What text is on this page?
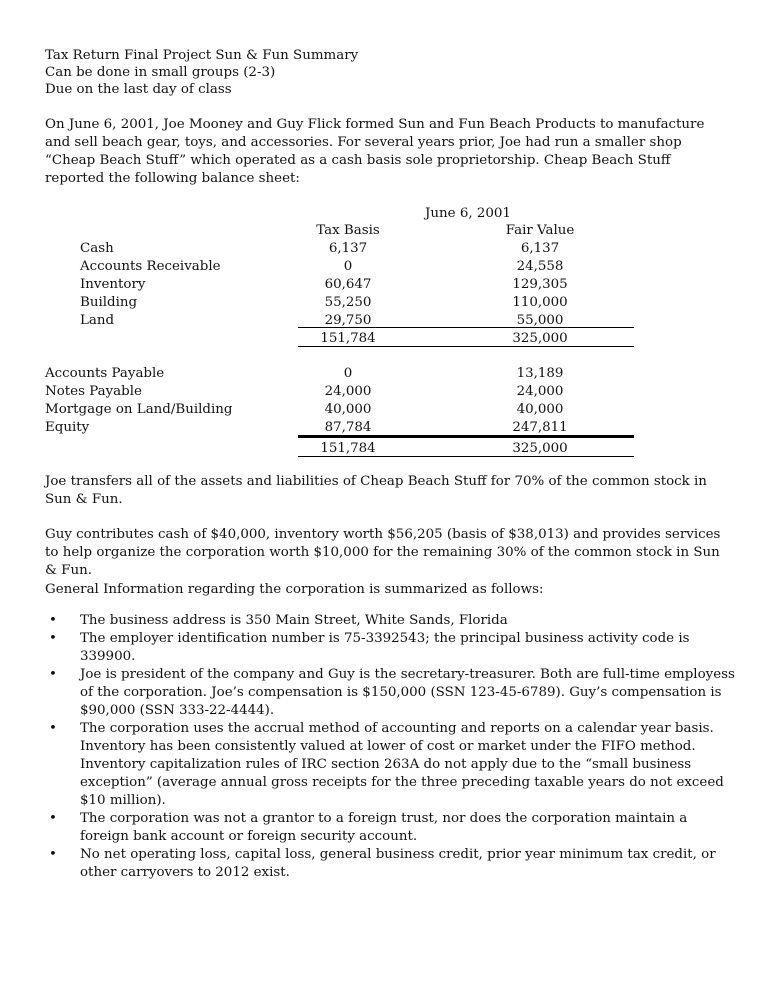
Tax Return Final Project Sun & Fun Summary
Can be done in small groups (2-3)
Due on the last day of class
On June 6, 2001, Joe Mooney and Guy Flick formed Sun and Fun Beach Products to manufacture and sell beach gear, toys, and accessories. For several years prior, Joe had run a smaller shop “Cheap Beach Stuff” which operated as a cash basis sole proprietorship. Cheap Beach Stuff reported the following balance sheet:
June 6, 2001
Tax Basis	Fair Value
Cash	6,137	6,137
Accounts Receivable	0	24,558
Inventory	60,647	129,305
Building	55,250	110,000
Land	29,750	55,000
151,784	325,000
Accounts Payable	0	13,189
Notes Payable	24,000	24,000
Mortgage on Land/Building	40,000	40,000
Equity	87,784	247,811
151,784	325,000
Joe transfers all of the assets and liabilities of Cheap Beach Stuff for 70% of the common stock in Sun & Fun.
Guy contributes cash of $40,000, inventory worth $56,205 (basis of $38,013) and provides services to help organize the corporation worth $10,000 for the remaining 30% of the common stock in Sun & Fun.
General Information regarding the corporation is summarized as follows:
• The business address is 350 Main Street, White Sands, Florida
• The employer identification number is 75-3392543; the principal business activity code is 339900.
• Joe is president of the company and Guy is the secretary-treasurer. Both are full-time employess of the corporation. Joe’s compensation is $150,000 (SSN 123-45-6789). Guy’s compensation is $90,000 (SSN 333-22-4444).
• The corporation uses the accrual method of accounting and reports on a calendar year basis. Inventory has been consistently valued at lower of cost or market under the FIFO method. Inventory capitalization rules of IRC section 263A do not apply due to the “small business exception” (average annual gross receipts for the three preceding taxable years do not exceed $10 million).
• The corporation was not a grantor to a foreign trust, nor does the corporation maintain a foreign bank account or foreign security account.
• No net operating loss, capital loss, general business credit, prior year minimum tax credit, or other carryovers to 2012 exist.
